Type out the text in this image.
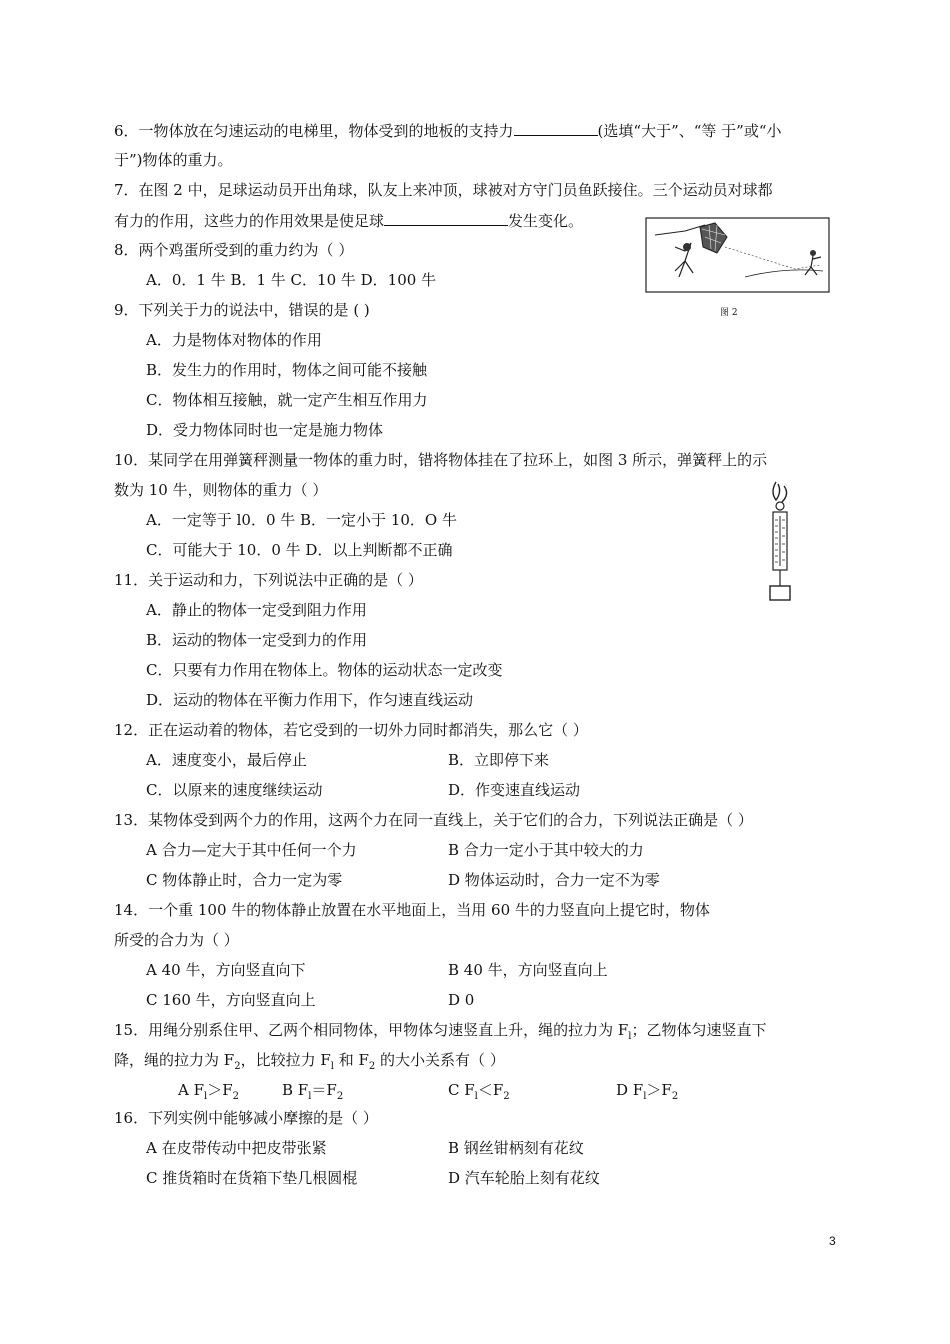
6．一物体放在匀速运动的电梯里，物体受到的地板的支持力	(选填“大于”、“等 于”或“小
于”)物体的重力。
7．在图 2 中，足球运动员开出角球，队友上来冲顶，球被对方守门员鱼跃接住。三个运动员对球都
有力的作用，这些力的作用效果是使足球	发生变化。
8．两个鸡蛋所受到的重力约为（ ）
A．0．1 牛 B．1 牛 C．10 牛 D．100 牛
图 2
9．下列关于力的说法中，错误的是 ( )
A．力是物体对物体的作用
B．发生力的作用时，物体之间可能不接触
C．物体相互接触，就一定产生相互作用力
D．受力物体同时也一定是施力物体
10．某同学在用弹簧秤测量一物体的重力时，错将物体挂在了拉环上，如图 3 所示，弹簧秤上的示
数为 10 牛，则物体的重力（ ）
A．一定等于 l0．0 牛 B．一定小于 10．O 牛
C．可能大于 10．0 牛 D．以上判断都不正确
11．关于运动和力，下列说法中正确的是（ ）
A．静止的物体一定受到阻力作用
B．运动的物体一定受到力的作用
C．只要有力作用在物体上。物体的运动状态一定改变
D．运动的物体在平衡力作用下，作匀速直线运动
12．正在运动着的物体，若它受到的一切外力同时都消失，那么它（ ）
A．速度变小，最后停止	B．立即停下来
C．以原来的速度继续运动	D．作变速直线运动
13．某物体受到两个力的作用，这两个力在同一直线上，关于它们的合力，下列说法正确是（ ）
A 合力—定大于其中任何一个力	B 合力一定小于其中较大的力
C 物体静止时，合力一定为零	D 物体运动时，合力一定不为零
14．一个重 100 牛的物体静止放置在水平地面上，当用 60 牛的力竖直向上提它时，物体
所受的合力为（ ）
A 40 牛，方向竖直向下	B 40 牛，方向竖直向上
C 160 牛，方向竖直向上	D 0
15．用绳分别系住甲、乙两个相同物体，甲物体匀速竖直上升，绳的拉力为 $F_l$；乙物体匀速竖直下
降，绳的拉力为 $F_2$，比较拉力 $F_l$ 和 $F_2$ 的大小关系有（ ）
A $F_l>F_2$	B $F_l=F_2$	C $F_l<F_2$	D $F_l>F_2$
16．下列实例中能够减小摩擦的是（ ）
A 在皮带传动中把皮带张紧	B 钢丝钳柄刻有花纹
C 推货箱时在货箱下垫几根圆棍	D 汽车轮胎上刻有花纹
3
